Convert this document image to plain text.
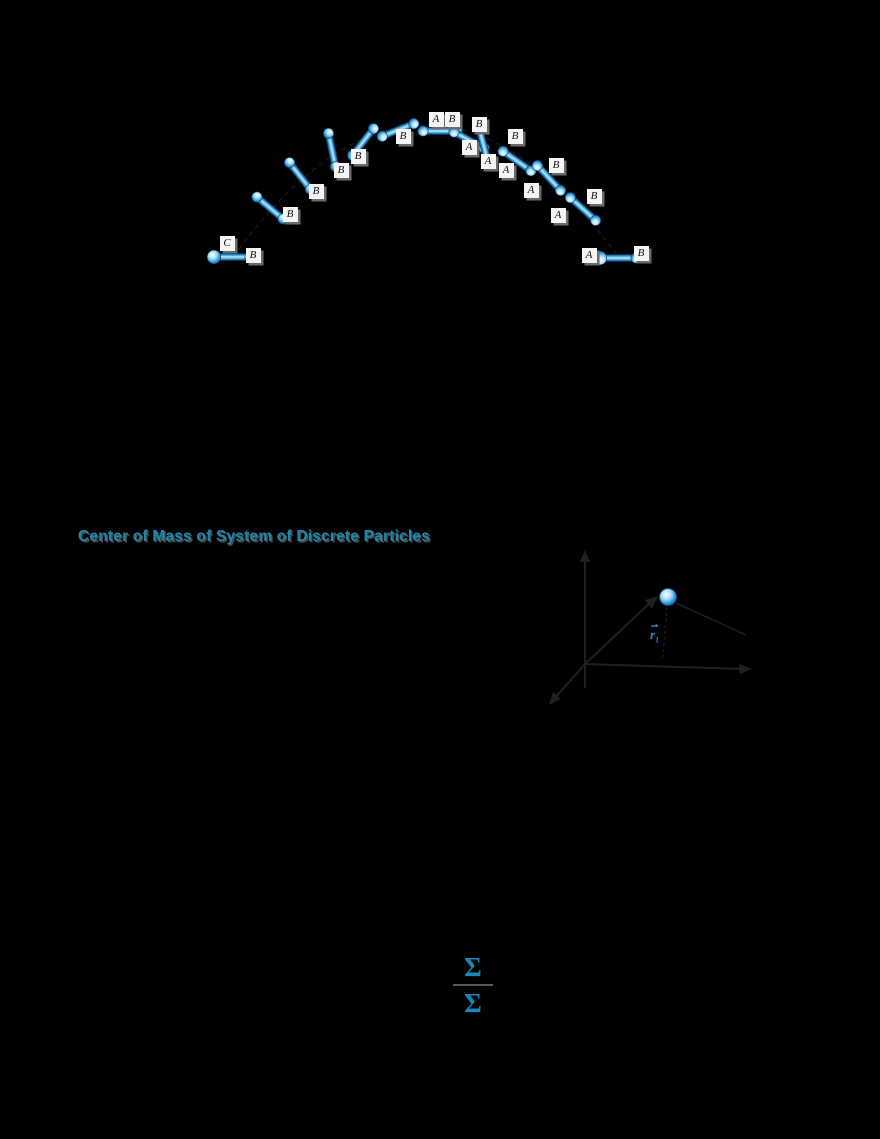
C
B
B
B
B
B
B
A B	B
A
A
B
A	B
A	B
A
A	B
Center of Mass of System of Discrete Particles
⇀
$r_1$
Σ
Σ
